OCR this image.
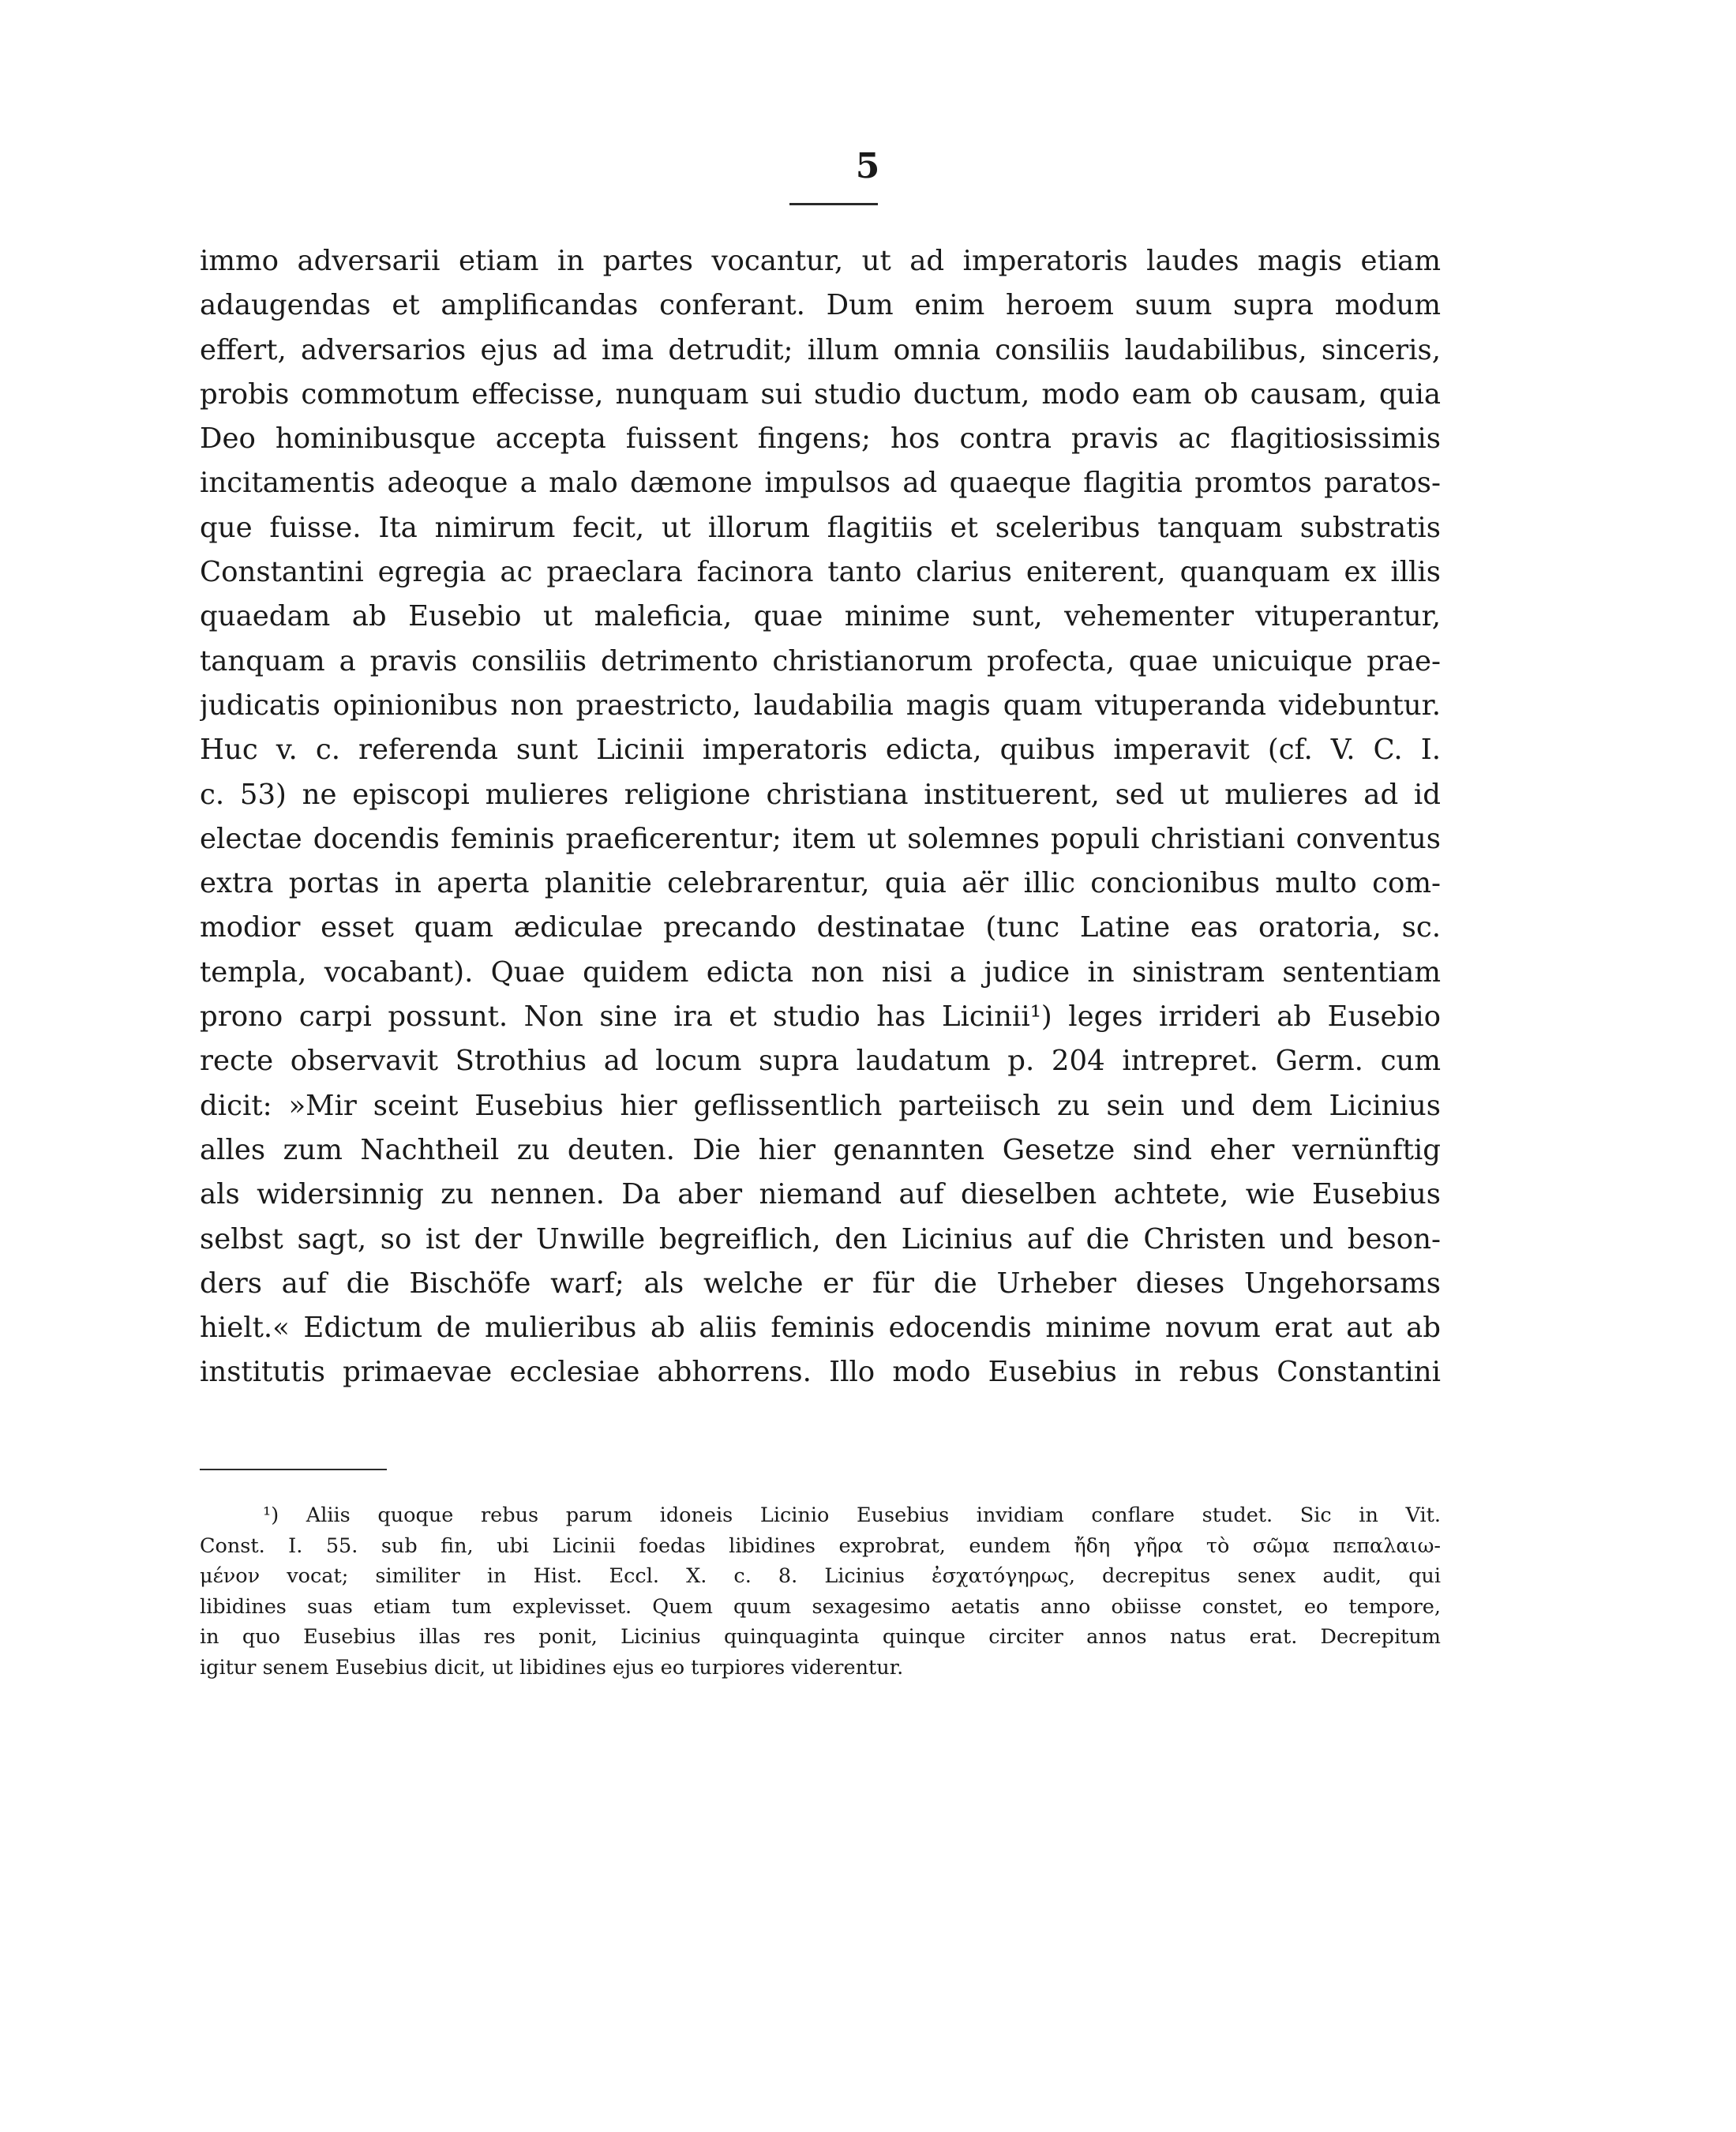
5
immo adversarii etiam in partes vocantur, ut ad imperatoris laudes magis etiam
adaugendas et amplificandas conferant. Dum enim heroem suum supra modum
effert, adversarios ejus ad ima detrudit; illum omnia consiliis laudabilibus, sinceris,
probis commotum effecisse, nunquam sui studio ductum, modo eam ob causam, quia
Deo hominibusque accepta fuissent fingens; hos contra pravis ac flagitiosissimis
incitamentis adeoque a malo dæmone impulsos ad quaeque flagitia promtos paratos-
que fuisse. Ita nimirum fecit, ut illorum flagitiis et sceleribus tanquam substratis
Constantini egregia ac praeclara facinora tanto clarius eniterent, quanquam ex illis
quaedam ab Eusebio ut maleficia, quae minime sunt, vehementer vituperantur,
tanquam a pravis consiliis detrimento christianorum profecta, quae unicuique prae-
judicatis opinionibus non praestricto, laudabilia magis quam vituperanda videbuntur.
Huc v. c. referenda sunt Licinii imperatoris edicta, quibus imperavit (cf. V. C. I.
c. 53) ne episcopi mulieres religione christiana instituerent, sed ut mulieres ad id
electae docendis feminis praeficerentur; item ut solemnes populi christiani conventus
extra portas in aperta planitie celebrarentur, quia aër illic concionibus multo com-
modior esset quam ædiculae precando destinatae (tunc Latine eas oratoria, sc.
templa, vocabant). Quae quidem edicta non nisi a judice in sinistram sententiam
prono carpi possunt. Non sine ira et studio has Licinii¹) leges irrideri ab Eusebio
recte observavit Strothius ad locum supra laudatum p. 204 intrepret. Germ. cum
dicit: »Mir sceint Eusebius hier geflissentlich parteiisch zu sein und dem Licinius
alles zum Nachtheil zu deuten. Die hier genannten Gesetze sind eher vernünftig
als widersinnig zu nennen. Da aber niemand auf dieselben achtete, wie Eusebius
selbst sagt, so ist der Unwille begreiflich, den Licinius auf die Christen und beson-
ders auf die Bischöfe warf; als welche er für die Urheber dieses Ungehorsams
hielt.« Edictum de mulieribus ab aliis feminis edocendis minime novum erat aut ab
institutis primaevae ecclesiae abhorrens. Illo modo Eusebius in rebus Constantini
¹) Aliis quoque rebus parum idoneis Licinio Eusebius invidiam conflare studet. Sic in Vit.
Const. I. 55. sub fin, ubi Licinii foedas libidines exprobrat, eundem ἤδη γῆρα τὸ σῶμα πεπαλαιω-
μένον vocat; similiter in Hist. Eccl. X. c. 8. Licinius ἐσχατόγηρως, decrepitus senex audit, qui
libidines suas etiam tum explevisset. Quem quum sexagesimo aetatis anno obiisse constet, eo tempore,
in quo Eusebius illas res ponit, Licinius quinquaginta quinque circiter annos natus erat. Decrepitum
igitur senem Eusebius dicit, ut libidines ejus eo turpiores viderentur.
